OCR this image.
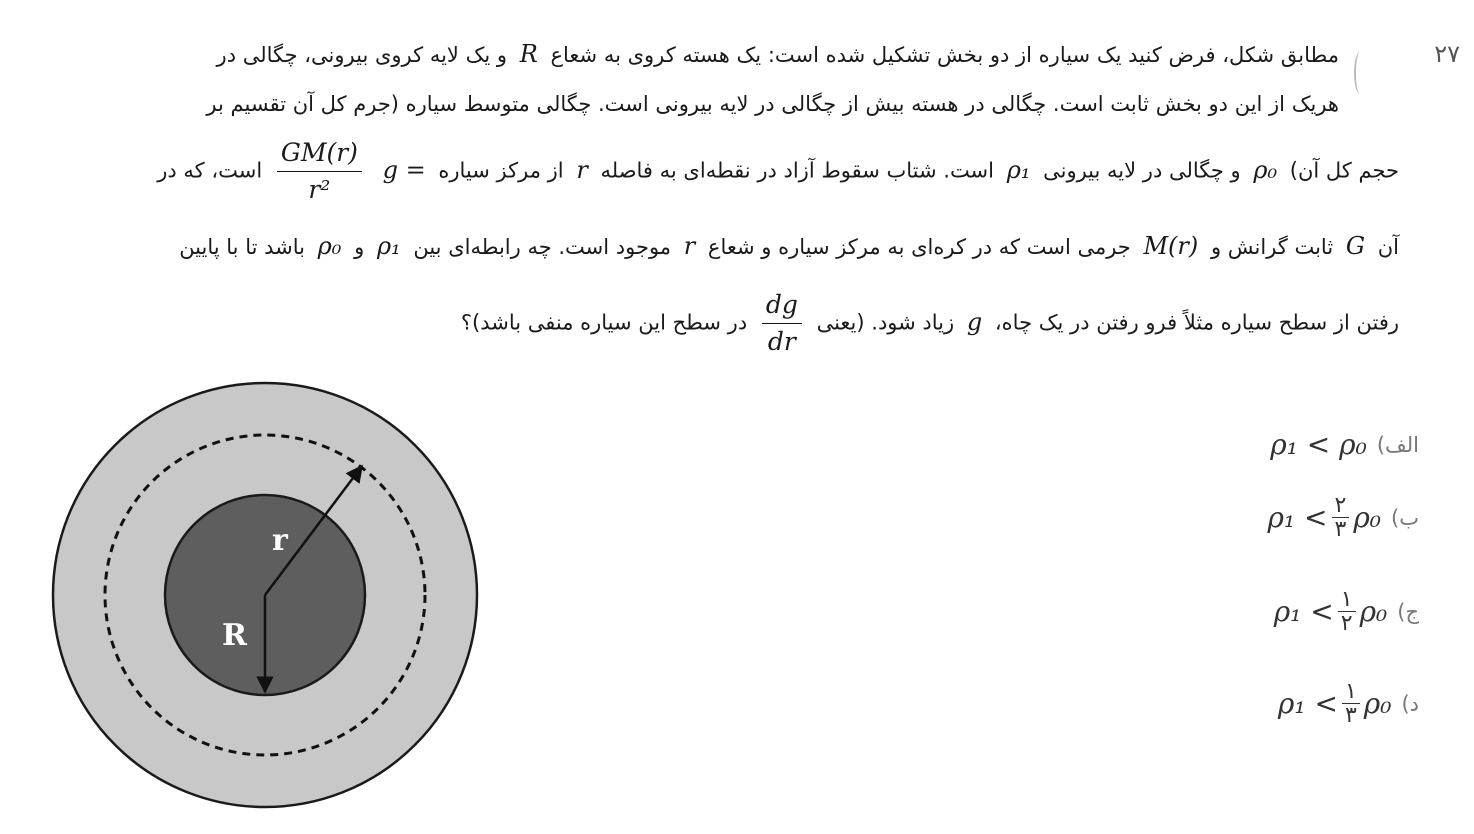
۲۷
مطابق شکل، فرض کنید یک سیاره از دو بخش تشکیل شده است: یک هسته کروی به شعاع R و یک لایه کروی بیرونی، چگالی در
هریک از این دو بخش ثابت است. چگالی در هسته بیش از چگالی در لایه بیرونی است. چگالی متوسط سیاره (جرم کل آن تقسیم بر
حجم کل آن) ρ₀ و چگالی در لایه بیرونی ρ₁ است. شتاب سقوط آزاد در نقطه‌ای به فاصله r از مرکز سیاره g =
$\frac{GM(r)}{\text{r²}}$
است، که در
آن G ثابت گرانش و M(r) جرمی است که در کره‌ای به مرکز سیاره و شعاع r موجود است. چه رابطه‌ای بین ρ₁ و ρ₀ باشد تا با پایین
رفتن از سطح سیاره مثلاً فرو رفتن در یک چاه، g زیاد شود. (یعنی
$\frac{dg}{dr}$
در سطح این سیاره منفی باشد)؟
الف)
ρ₁ <
ρ₀
ب)
ρ₁ < ۲
۳ ρ₀
ج)
ρ₁ < ۱
۲ ρ₀
د)
ρ₁ < ۱
۳ ρ₀
r
R
